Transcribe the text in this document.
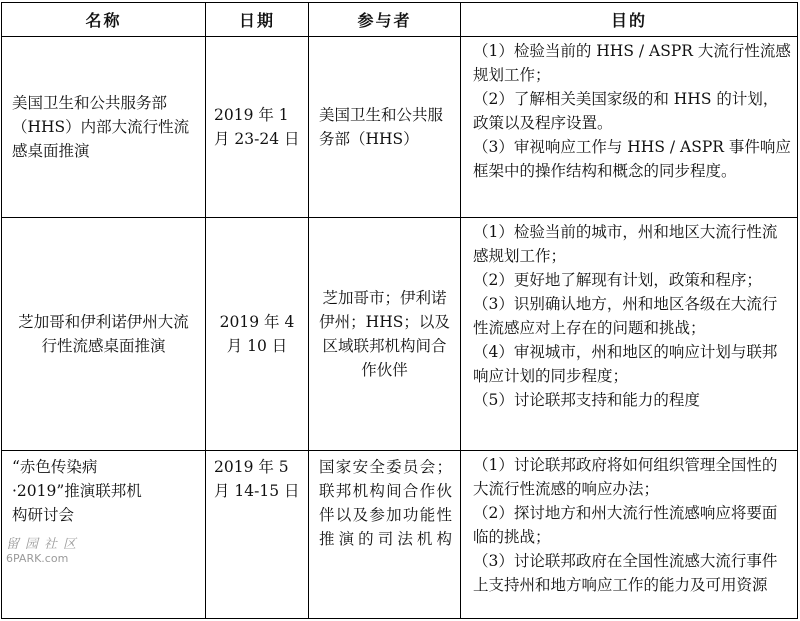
名称	日期	参与者	目的

美国卫生和公共服务部（HHS）内部大流行性流感桌面推演	2019 年 1 月 23-24 日	美国卫生和公共服务部（HHS）	（1）检验当前的 HHS / ASPR 大流行性流感规划工作；
（2）了解相关美国家级的和 HHS 的计划，政策以及程序设置。
（3）审视响应工作与 HHS / ASPR 事件响应框架中的操作结构和概念的同步程度。

芝加哥和伊利诺伊州大流行性流感桌面推演	2019 年 4 月 10 日	芝加哥市；伊利诺伊州；HHS；以及区域联邦机构间合作伙伴	（1）检验当前的城市，州和地区大流行性流感规划工作；
（2）更好地了解现有计划，政策和程序；
（3）识别确认地方，州和地区各级在大流行性流感应对上存在的问题和挑战；
（4）审视城市，州和地区的响应计划与联邦响应计划的同步程度；
（5）讨论联邦支持和能力的程度

“赤色传染病·2019”推演联邦机构研讨会	2019 年 5 月 14-15 日	国家安全委员会；联邦机构间合作伙伴以及参加功能性推演的司法机构	（1）讨论联邦政府将如何组织管理全国性的大流行性流感的响应办法；
（2）探讨地方和州大流行性流感响应将要面临的挑战；
（3）讨论联邦政府在全国性流感大流行事件上支持州和地方响应工作的能力及可用资源
留园社区
6PARK.com
